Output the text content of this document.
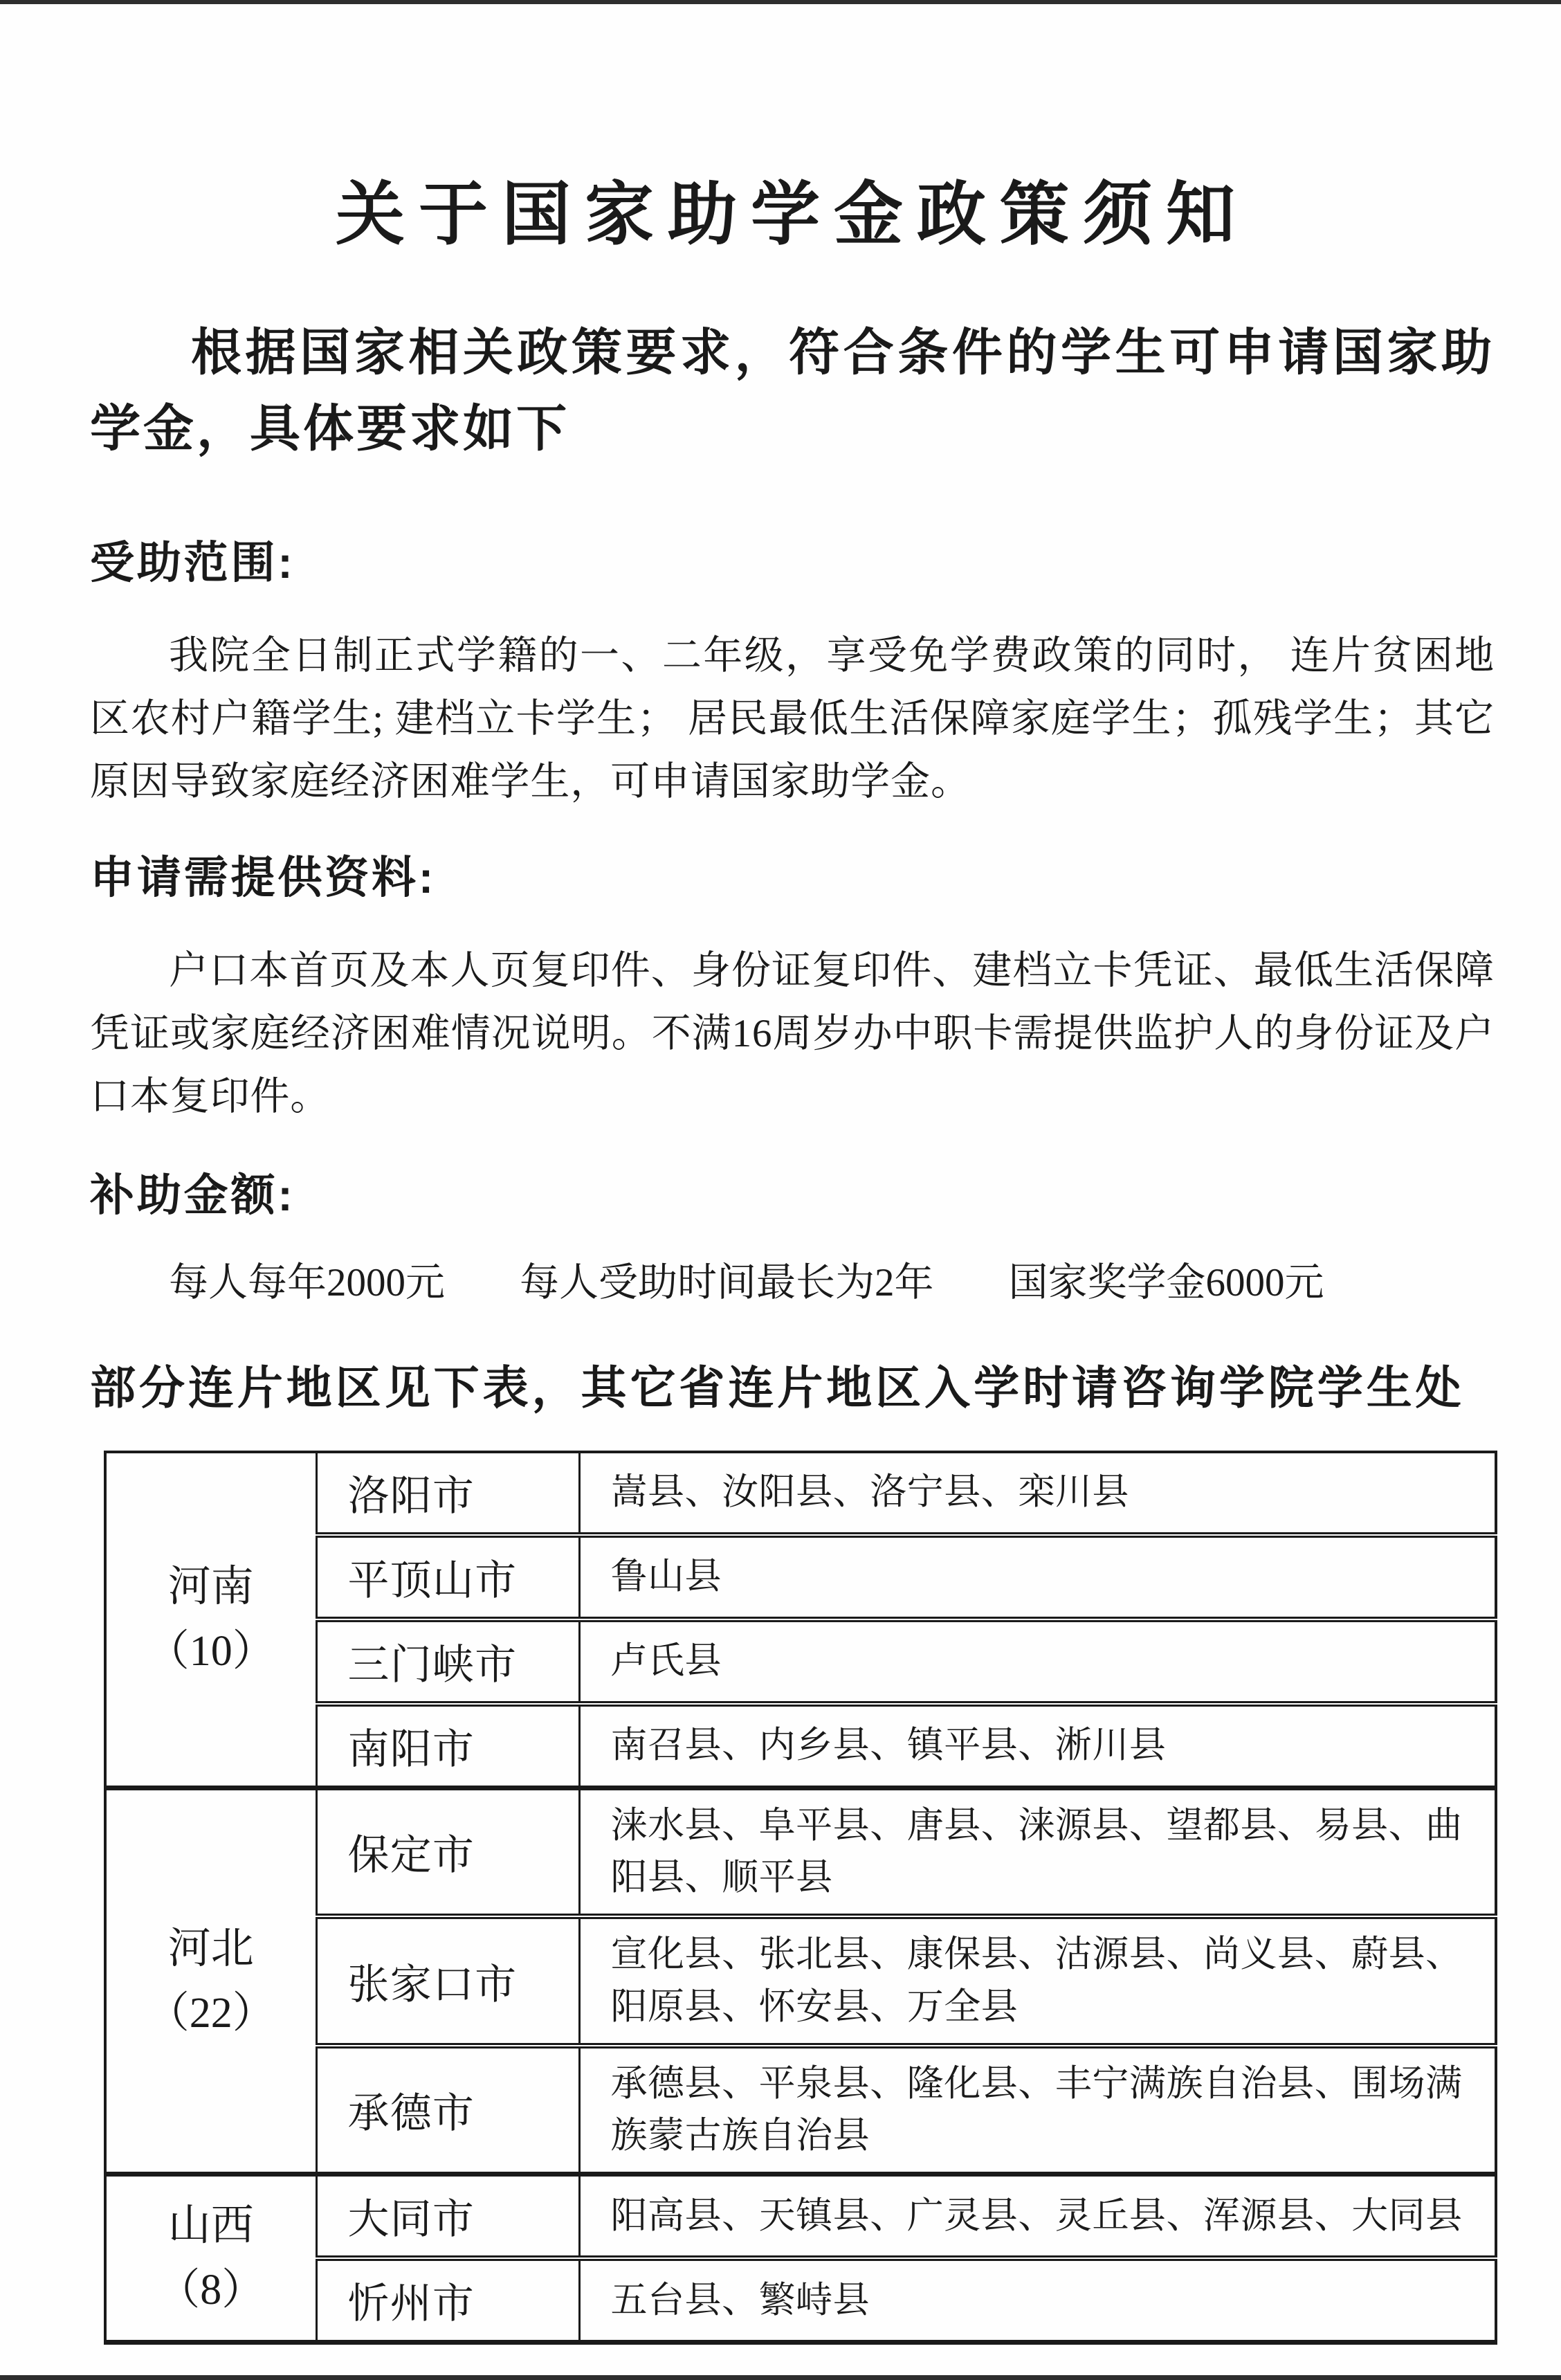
关于国家助学金政策须知

根据国家相关政策要求，符合条件的学生可申请国家助学金，具体要求如下

受助范围:

我院全日制正式学籍的一、二年级，享受免学费政策的同时， 连片贫困地区农村户籍学生; 建档立卡学生； 居民最低生活保障家庭学生；孤残学生；其它原因导致家庭经济困难学生，可申请国家助学金。

申请需提供资料:

户口本首页及本人页复印件、身份证复印件、建档立卡凭证、最低生活保障凭证或家庭经济困难情况说明。不满16周岁办中职卡需提供监护人的身份证及户口本复印件。

补助金额:
每人每年2000元 每人受助时间最长为2年 国家奖学金6000元
部分连片地区见下表，其它省连片地区入学时请咨询学院学生处
河南
（10）	洛阳市	嵩县、汝阳县、洛宁县、栾川县
	平顶山市	鲁山县
	三门峡市	卢氏县
	南阳市	南召县、内乡县、镇平县、淅川县

河北
（22）	保定市	涞水县、阜平县、唐县、涞源县、望都县、易县、曲阳县、顺平县
	张家口市	宣化县、张北县、康保县、沽源县、尚义县、蔚县、阳原县、怀安县、万全县
	承德市	承德县、平泉县、隆化县、丰宁满族自治县、围场满族蒙古族自治县

山西
（8）	大同市	阳高县、天镇县、广灵县、灵丘县、浑源县、大同县
	忻州市	五台县、繁峙县
